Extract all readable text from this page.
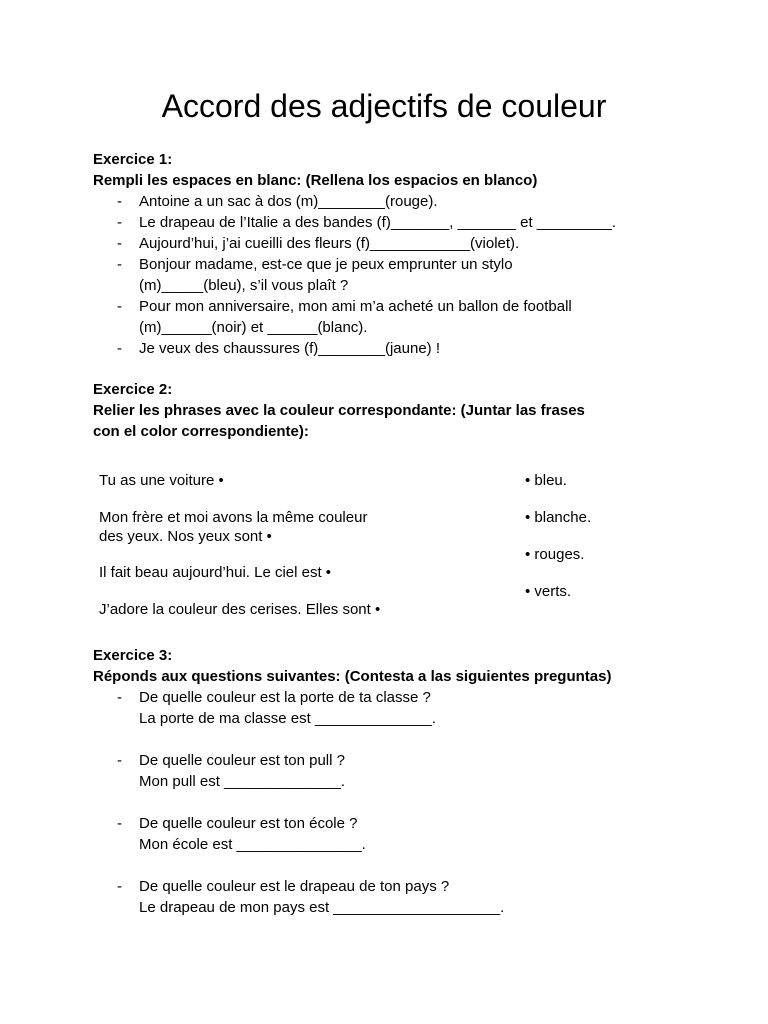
Accord des adjectifs de couleur
Exercice 1:
Rempli les espaces en blanc: (Rellena los espacios en blanco)
- Antoine a un sac à dos (m)________(rouge).
- Le drapeau de l’Italie a des bandes (f)_______, _______ et _________.
- Aujourd’hui, j’ai cueilli des fleurs (f)____________(violet).
- Bonjour madame, est-ce que je peux emprunter un stylo
(m)_____(bleu), s’il vous plaît ?
- Pour mon anniversaire, mon ami m’a acheté un ballon de football
(m)______(noir) et ______(blanc).
- Je veux des chaussures (f)________(jaune) !
Exercice 2:
Relier les phrases avec la couleur correspondante: (Juntar las frases
con el color correspondiente):
Tu as une voiture •
Mon frère et moi avons la même couleur
des yeux. Nos yeux sont •
Il fait beau aujourd’hui. Le ciel est •
J’adore la couleur des cerises. Elles sont •
• bleu.
• blanche.
• rouges.
• verts.
Exercice 3:
Réponds aux questions suivantes: (Contesta a las siguientes preguntas)
- De quelle couleur est la porte de ta classe ?
La porte de ma classe est ______________.
- De quelle couleur est ton pull ?
Mon pull est ______________.
- De quelle couleur est ton école ?
Mon école est _______________.
- De quelle couleur est le drapeau de ton pays ?
Le drapeau de mon pays est ____________________.
